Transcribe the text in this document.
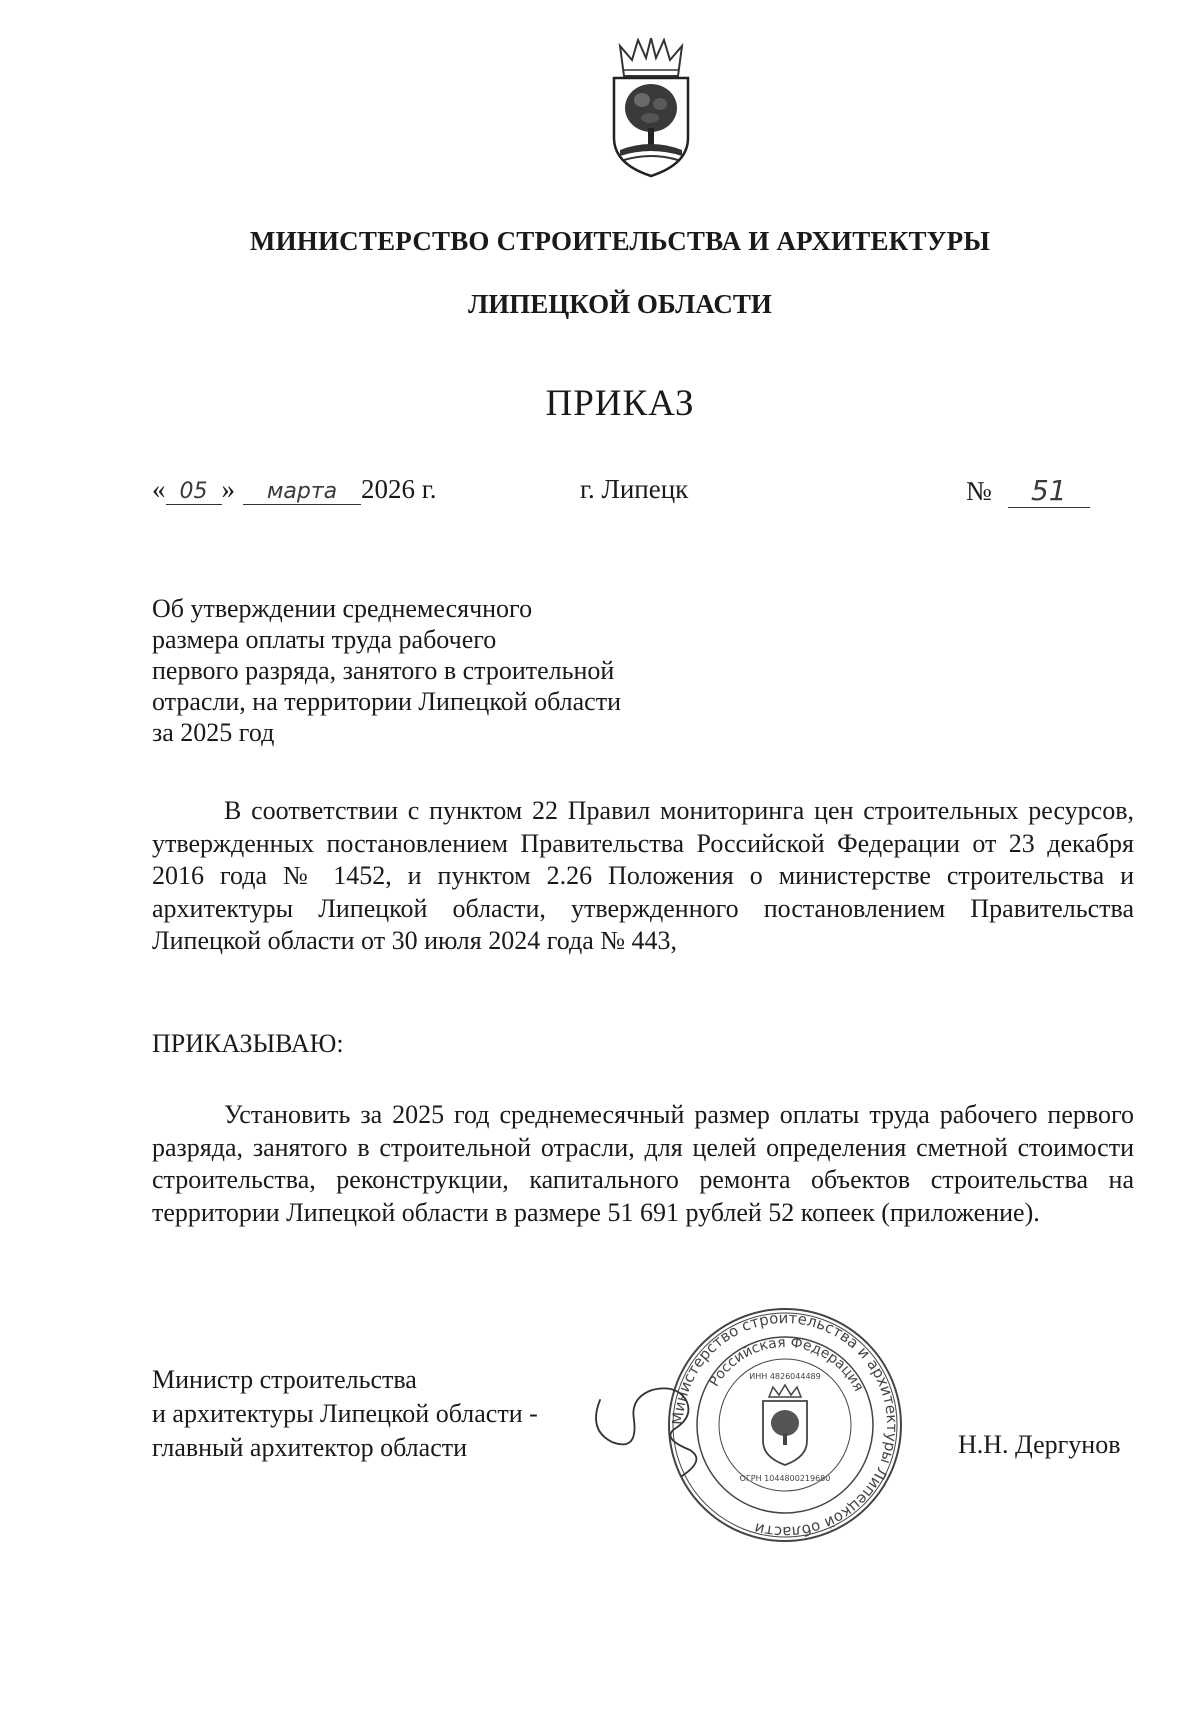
МИНИСТЕРСТВО СТРОИТЕЛЬСТВА И АРХИТЕКТУРЫ
ЛИПЕЦКОЙ ОБЛАСТИ
ПРИКАЗ
« 05 » марта 2026 г.	г. Липецк	№ 51
Об утверждении среднемесячного
размера оплаты труда рабочего
первого разряда, занятого в строительной
отрасли, на территории Липецкой области
за 2025 год
В соответствии с пунктом 22 Правил мониторинга цен строительных ресурсов, утвержденных постановлением Правительства Российской Федерации от 23 декабря 2016 года № 1452, и пунктом 2.26 Положения о министерстве строительства и архитектуры Липецкой области, утвержденного постановлением Правительства Липецкой области от 30 июля 2024 года № 443,
ПРИКАЗЫВАЮ:
Установить за 2025 год среднемесячный размер оплаты труда рабочего первого разряда, занятого в строительной отрасли, для целей определения сметной стоимости строительства, реконструкции, капитального ремонта объектов строительства на территории Липецкой области в размере 51 691 рублей 52 копеек (приложение).
Министр строительства
и архитектуры Липецкой области -
главный архитектор области
Министерство строительства и архитектуры Липецкой области
Российская Федерация
ИНН 4826044489
ОГРН 1044800219680
Н.Н. Дергунов
